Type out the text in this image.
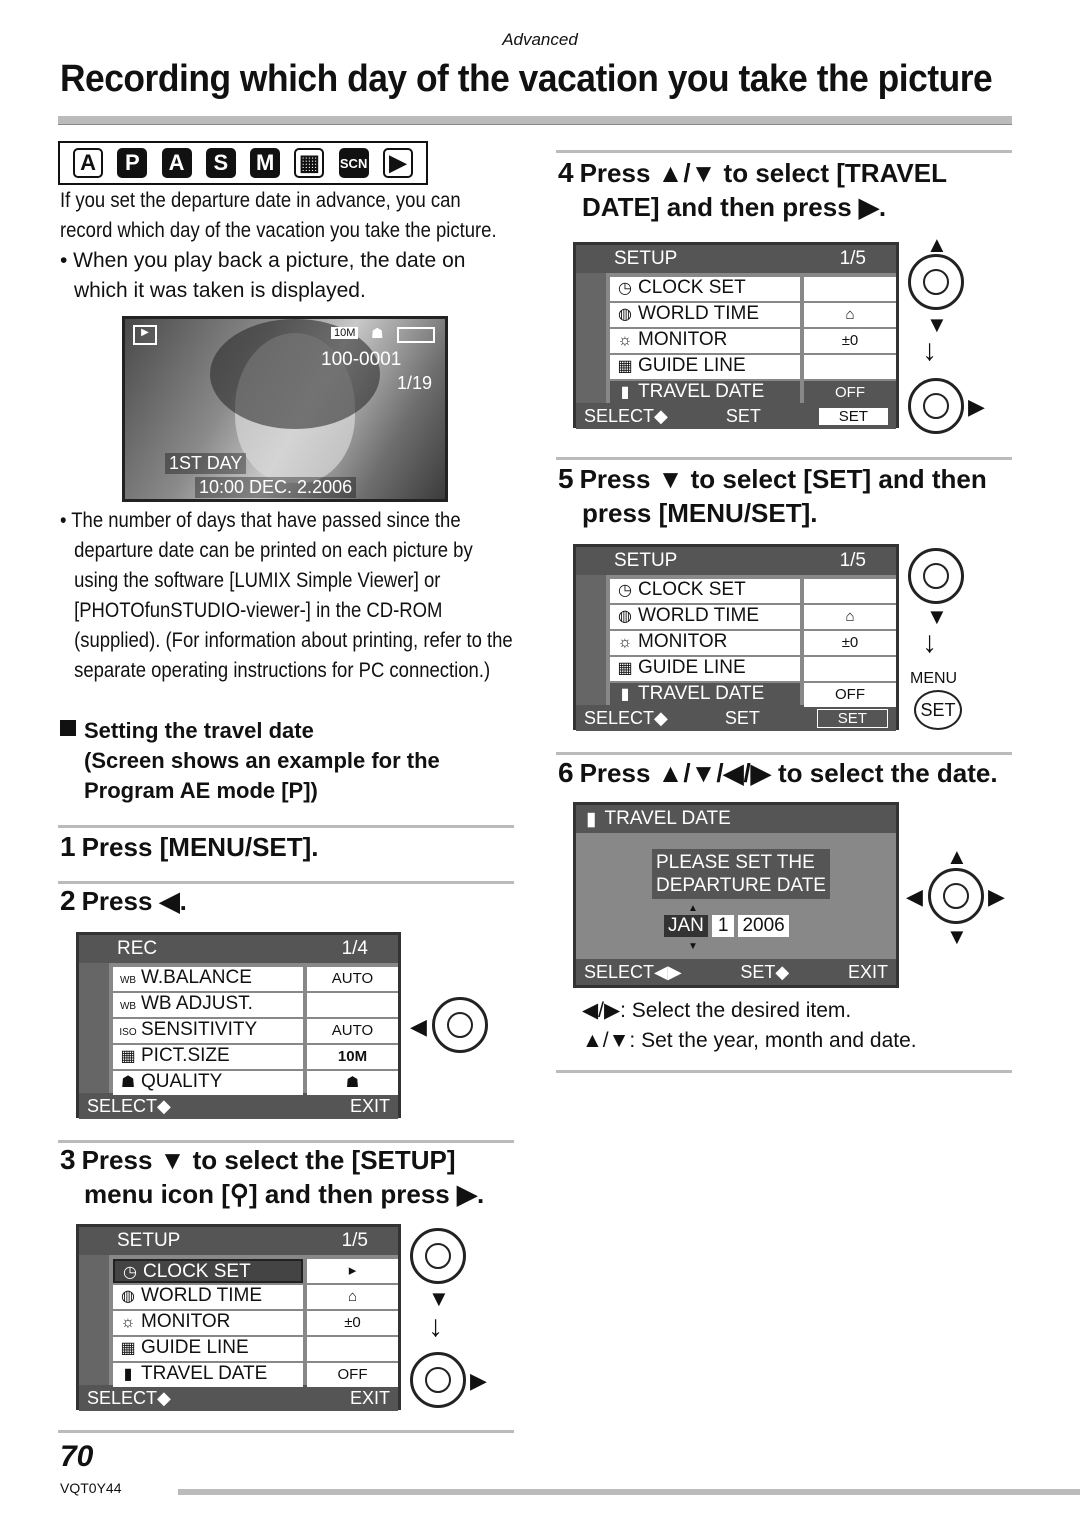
Advanced
Recording which day of the vacation you take the picture
A	P	A	S	M ▦	SCN ▶
If you set the departure date in advance, you can
record which day of the vacation you take the picture.
• When you play back a picture, the date on
which it was taken is displayed.
▶	10M ☗
100-0001
1/19
1ST DAY
10:00 DEC. 2.2006
• The number of days that have passed since the
departure date can be printed on each picture by
using the software [LUMIX Simple Viewer] or
[PHOTOfunSTUDIO-viewer-] in the CD-ROM
(supplied). (For information about printing, refer to the
separate operating instructions for PC connection.)
Setting the travel date
(Screen shows an example for the
Program AE mode [P])
1 Press [MENU/SET].
2 Press ◀.
REC	1/4
WB W.BALANCE	AUTO
WB WB ADJUST.
ISO SENSITIVITY	AUTO
▦ PICT.SIZE	10M
☗ QUALITY	☗
SELECT◆	EXIT
◀
3 Press ▼ to select the [SETUP]
menu icon [⚲] and then press ▶.
SETUP	1/5
◷ CLOCK SET	▸
◍ WORLD TIME	⌂
☼ MONITOR	±0
▦ GUIDE LINE
▮ TRAVEL DATE	OFF
SELECT◆	EXIT
▼
↓
▶
4 Press ▲/▼ to select [TRAVEL
DATE] and then press ▶.
SETUP	1/5
◷ CLOCK SET
◍ WORLD TIME	⌂
☼ MONITOR	±0
▦ GUIDE LINE
▮ TRAVEL DATE	OFF
SELECT◆	SET	SET
▲
▼
↓
▶
5 Press ▼ to select [SET] and then
press [MENU/SET].
SETUP	1/5
◷ CLOCK SET
◍ WORLD TIME	⌂
☼ MONITOR	±0
▦ GUIDE LINE
▮ TRAVEL DATE	OFF
SELECT◆	SET	SET
▼
↓
MENU
SET
6 Press ▲/▼/◀/▶ to select the date.
▮ TRAVEL DATE
PLEASE SET THE
DEPARTURE DATE
▲
JAN 1 2006
▼
SELECT◀▶	SET◆	EXIT
▲
◀	▶
▼
◀/▶: Select the desired item.
▲/▼: Set the year, month and date.
70
VQT0Y44
